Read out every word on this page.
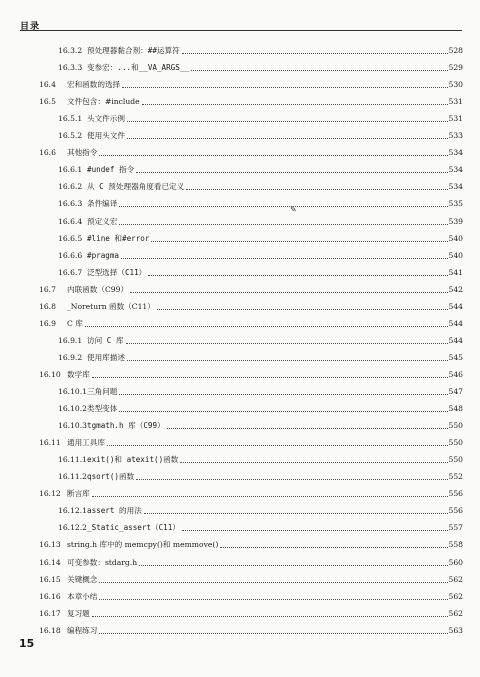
目录
16.3.2 预处理器黏合剂：##运算符	528
16.3.3 变参宏：...和__VA_ARGS__	529
16.4	宏和函数的选择	530
16.5	文件包含：#include	531
16.5.1 头文件示例	531
16.5.2 使用头文件	533
16.6	其他指令	534
16.6.1 #undef 指令	534
16.6.2 从 C 预处理器角度看已定义	534
16.6.3 条件编译	535
16.6.4 预定义宏	539
16.6.5 #line 和#error	540
16.6.6 #pragma	540
16.6.7 泛型选择（C11）	541
16.7	内联函数（C99）	542
16.8	_Noreturn 函数（C11）	544
16.9	C 库	544
16.9.1 访问 C 库	544
16.9.2 使用库描述	545
16.10 数学库	546
16.10.1 三角问题	547
16.10.2 类型变体	548
16.10.3 tgmath.h 库（C99）	550
16.11 通用工具库	550
16.11.1 exit()和 atexit()函数	550
16.11.2 qsort()函数	552
16.12 断言库	556
16.12.1 assert 的用法	556
16.12.2 _Static_assert（C11）	557
16.13 string.h 库中的 memcpy()和 memmove()	558
16.14 可变参数：stdarg.h	560
16.15 关键概念	562
16.16 本章小结	562
16.17 复习题	562
16.18 编程练习	563
✎
15
